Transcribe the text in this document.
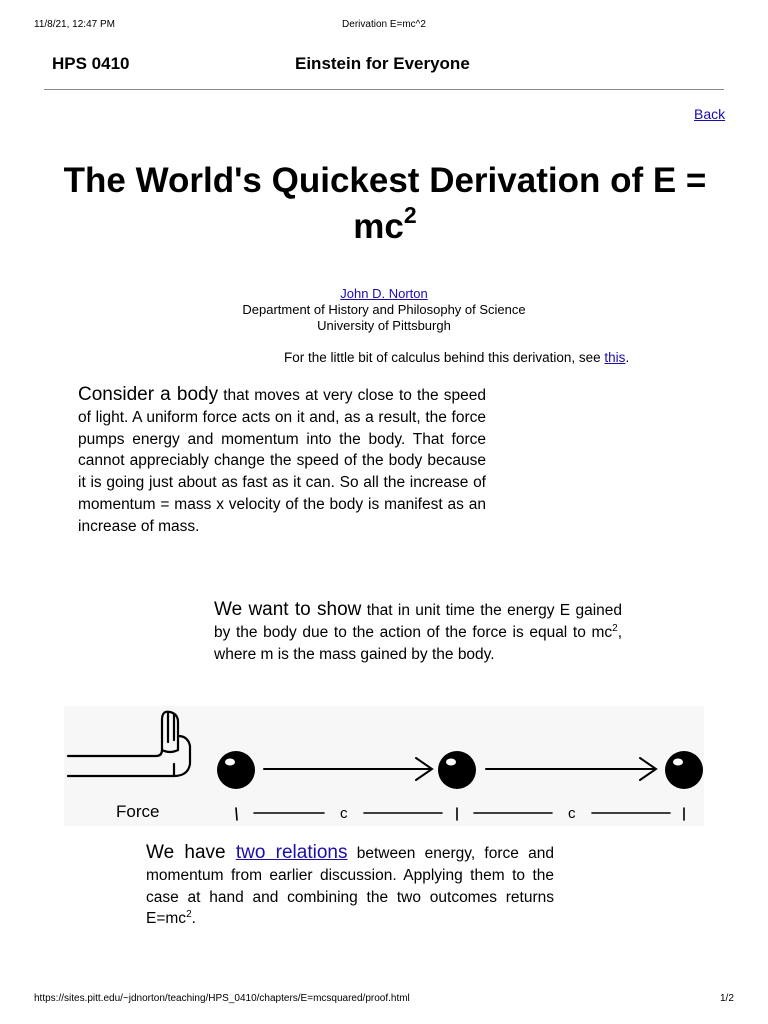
11/8/21, 12:47 PM	Derivation E=mc^2
HPS 0410	Einstein for Everyone
Back
The World's Quickest Derivation of E =
$mc^2$
John D. Norton
Department of History and Philosophy of Science
University of Pittsburgh
For the little bit of calculus behind this derivation, see this.
Consider a body that moves at very close to the speed of light. A uniform force acts on it and, as a result, the force pumps energy and momentum into the body. That force cannot appreciably change the speed of the body because it is going just about as fast as it can. So all the increase of momentum = mass x velocity of the body is manifest as an increase of mass.
We want to show that in unit time the energy E gained by the body due to the action of the force is equal to $mc^2$, where m is the mass gained by the body.
Force	c	c
We have two relations between energy, force and momentum from earlier discussion. Applying them to the case at hand and combining the two outcomes returns $E=mc^2$.
https://sites.pitt.edu/~jdnorton/teaching/HPS_0410/chapters/E=mcsquared/proof.html	1/2
